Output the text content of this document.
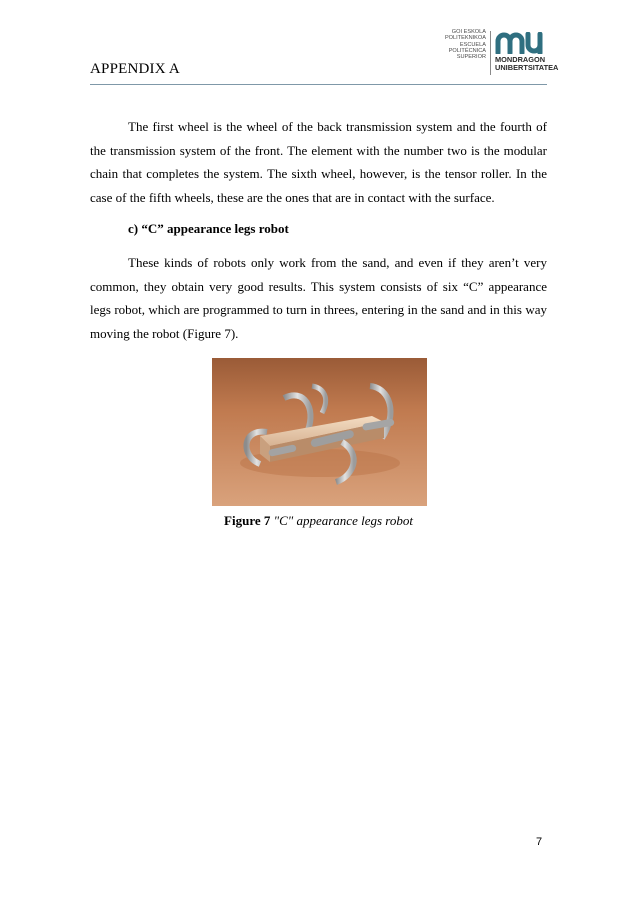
APPENDIX A
GOI ESKOLA
POLITEKNIKOA
ESCUELA
POLITÉCNICA
SUPERIOR MONDRAGON
UNIBERTSITATEA

The first wheel is the wheel of the back transmission system and the fourth of the transmission system of the front. The element with the number two is the modular chain that completes the system. The sixth wheel, however, is the tensor roller. In the case of the fifth wheels, these are the ones that are in contact with the surface.

c) “C” appearance legs robot

These kinds of robots only work from the sand, and even if they aren’t very common, they obtain very good results. This system consists of six “C” appearance legs robot, which are programmed to turn in threes, entering in the sand and in this way moving the robot (Figure 7).

Figure 7 "C" appearance legs robot
7
